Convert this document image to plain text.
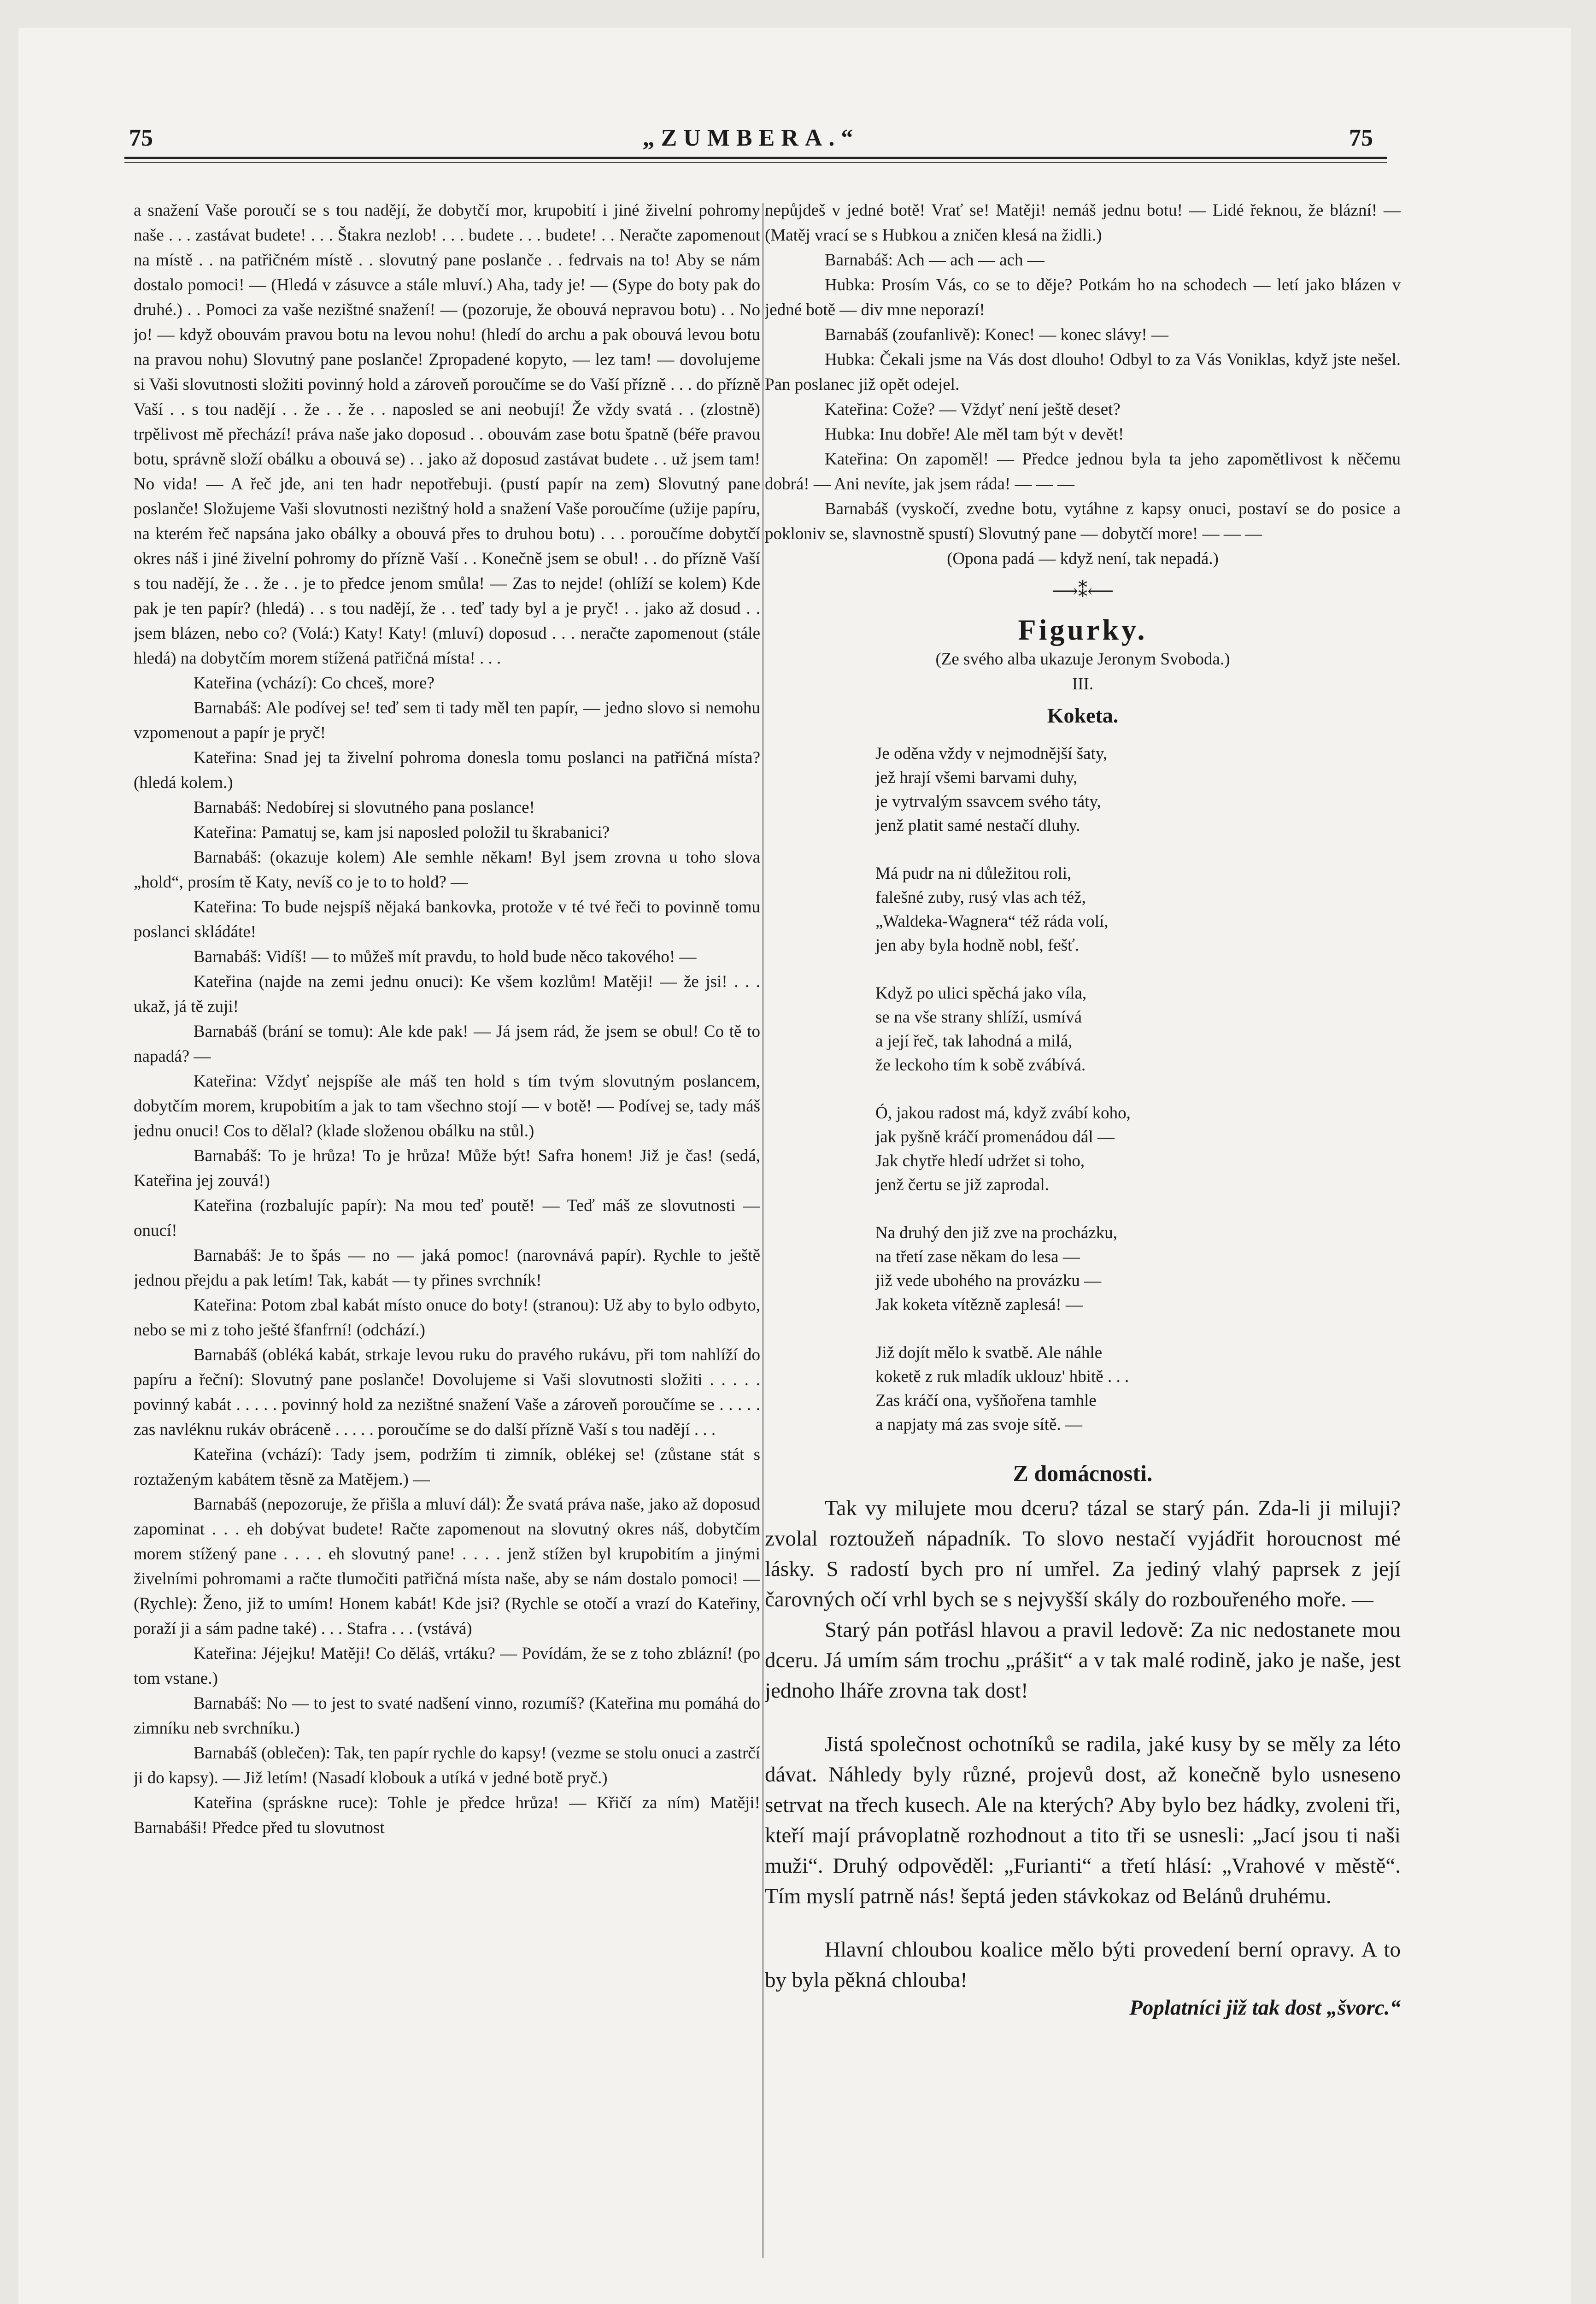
75	„ZUMBERA.“	75

a snažení Vaše poroučí se s tou nadějí, že dobytčí mor, krupobití i jiné živelní pohromy naše . . . zastávat budete! . . . Štakra nezlob! . . . budete . . . budete! . . Neračte zapomenout na místě . . na patřičném místě . . slovutný pane poslanče . . fedrvais na to! Aby se nám dostalo pomoci! — (Hledá v zásuvce a stále mluví.) Aha, tady je! — (Sype do boty pak do druhé.) . . Pomoci za vaše nezištné snažení! — (pozoruje, že obouvá nepravou botu) . . No jo! — když obouvám pravou botu na levou nohu! (hledí do archu a pak obouvá levou botu na pravou nohu) Slovutný pane poslanče! Zpropadené kopyto, — lez tam! — dovolujeme si Vaši slovutnosti složiti povinný hold a zároveň poroučíme se do Vaší přízně . . . do přízně Vaší . . s tou nadějí . . že . . že . . naposled se ani neobují! Že vždy svatá . . (zlostně) trpělivost mě přechází! práva naše jako doposud . . obouvám zase botu špatně (béře pravou botu, správně složí obálku a obouvá se) . . jako až doposud zastávat budete . . už jsem tam! No vida! — A řeč jde, ani ten hadr nepotřebuji. (pustí papír na zem) Slovutný pane poslanče! Složujeme Vaši slovutnosti nezištný hold a snažení Vaše poroučíme (užije papíru, na kterém řeč napsána jako obálky a obouvá přes to druhou botu) . . . poroučíme dobytčí okres náš i jiné živelní pohromy do přízně Vaší . . Konečně jsem se obul! . . do přízně Vaší s tou nadějí, že . . že . . je to předce jenom smůla! — Zas to nejde! (ohlíží se kolem) Kde pak je ten papír? (hledá) . . s tou nadějí, že . . teď tady byl a je pryč! . . jako až dosud . . jsem blázen, nebo co? (Volá:) Katy! Katy! (mluví) doposud . . . neračte zapomenout (stále hledá) na dobytčím morem stížená patřičná místa! . . .

Kateřina (vchází): Co chceš, more?

Barnabáš: Ale podívej se! teď sem ti tady měl ten papír, — jedno slovo si nemohu vzpomenout a papír je pryč!

Kateřina: Snad jej ta živelní pohroma donesla tomu poslanci na patřičná místa? (hledá kolem.)

Barnabáš: Nedobírej si slovutného pana poslance!

Kateřina: Pamatuj se, kam jsi naposled položil tu škrabanici?

Barnabáš: (okazuje kolem) Ale semhle někam! Byl jsem zrovna u toho slova „hold“, prosím tě Katy, nevíš co je to to hold? —

Kateřina: To bude nejspíš nějaká bankovka, protože v té tvé řeči to povinně tomu poslanci skládáte!

Barnabáš: Vidíš! — to můžeš mít pravdu, to hold bude něco takového! —

Kateřina (najde na zemi jednu onuci): Ke všem kozlům! Matěji! — že jsi! . . . ukaž, já tě zuji!

Barnabáš (brání se tomu): Ale kde pak! — Já jsem rád, že jsem se obul! Co tě to napadá? —

Kateřina: Vždyť nejspíše ale máš ten hold s tím tvým slovutným poslancem, dobytčím morem, krupobitím a jak to tam všechno stojí — v botě! — Podívej se, tady máš jednu onuci! Cos to dělal? (klade složenou obálku na stůl.)

Barnabáš: To je hrůza! To je hrůza! Může být! Safra honem! Již je čas! (sedá, Kateřina jej zouvá!)

Kateřina (rozbalujíc papír): Na mou teď poutě! — Teď máš ze slovutnosti — onucí!

Barnabáš: Je to špás — no — jaká pomoc! (narovnává papír). Rychle to ještě jednou přejdu a pak letím! Tak, kabát — ty přines svrchník!

Kateřina: Potom zbal kabát místo onuce do boty! (stranou): Už aby to bylo odbyto, nebo se mi z toho ješté šfanfrní! (odchází.)

Barnabáš (obléká kabát, strkaje levou ruku do pravého rukávu, při tom nahlíží do papíru a řeční): Slovutný pane poslanče! Dovolujeme si Vaši slovutnosti složiti . . . . . povinný kabát . . . . . povinný hold za nezištné snažení Vaše a zároveň poroučíme se . . . . . zas navléknu rukáv obráceně . . . . . poroučíme se do další přízně Vaší s tou nadějí . . .

Kateřina (vchází): Tady jsem, podržím ti zimník, oblékej se! (zůstane stát s roztaženým kabátem těsně za Matějem.) —

Barnabáš (nepozoruje, že přišla a mluví dál): Že svatá práva naše, jako až doposud zapominat . . . eh dobývat budete! Račte zapomenout na slovutný okres náš, dobytčím morem stížený pane . . . . eh slovutný pane! . . . . jenž stížen byl krupobitím a jinými živelními pohromami a račte tlumočiti patřičná místa naše, aby se nám dostalo pomoci! — (Rychle): Ženo, již to umím! Honem kabát! Kde jsi? (Rychle se otočí a vrazí do Kateřiny, poraží ji a sám padne také) . . . Stafra . . . (vstává)

Kateřina: Jéjejku! Matěji! Co děláš, vrtáku? — Povídám, že se z toho zblázní! (po tom vstane.)

Barnabáš: No — to jest to svaté nadšení vinno, rozumíš? (Kateřina mu pomáhá do zimníku neb svrchníku.)

Barnabáš (oblečen): Tak, ten papír rychle do kapsy! (vezme se stolu onuci a zastrčí ji do kapsy). — Již letím! (Nasadí klobouk a utíká v jedné botě pryč.)

Kateřina (spráskne ruce): Tohle je předce hrůza! — Křičí za ním) Matěji! Barnabáši! Předce před tu slovutnost

nepůjdeš v jedné botě! Vrať se! Matěji! nemáš jednu botu! — Lidé řeknou, že blázní! — (Matěj vrací se s Hubkou a zničen klesá na židli.)

Barnabáš: Ach — ach — ach —

Hubka: Prosím Vás, co se to děje? Potkám ho na schodech — letí jako blázen v jedné botě — div mne neporazí!

Barnabáš (zoufanlivě): Konec! — konec slávy! —

Hubka: Čekali jsme na Vás dost dlouho! Odbyl to za Vás Voniklas, když jste nešel. Pan poslanec již opět odejel.

Kateřina: Cože? — Vždyť není ještě deset?

Hubka: Inu dobře! Ale měl tam být v devět!

Kateřina: On zapoměl! — Předce jednou byla ta jeho zapomětlivost k něčemu dobrá! — Ani nevíte, jak jsem ráda! — — —

Barnabáš (vyskočí, zvedne botu, vytáhne z kapsy onuci, postaví se do posice a pokloniv se, slavnostně spustí) Slovutný pane — dobytčí more! — — —

(Opona padá — když není, tak nepadá.)

⟶⁑⟵
Figurky.

(Ze svého alba ukazuje Jeronym Svoboda.)

III.

Koketa.
Je oděna vždy v nejmodnější šaty,
jež hrají všemi barvami duhy,
je vytrvalým ssavcem svého táty,
jenž platit samé nestačí dluhy.
Má pudr na ni důležitou roli,
falešné zuby, rusý vlas ach též,
„Waldeka-Wagnera“ též ráda volí,
jen aby byla hodně nobl, fešť.
Když po ulici spěchá jako víla,
se na vše strany shlíží, usmívá
a její řeč, tak lahodná a milá,
že leckoho tím k sobě zvábívá.
Ó, jakou radost má, když zvábí koho,
jak pyšně kráčí promenádou dál —
Jak chytře hledí udržet si toho,
jenž čertu se již zaprodal.
Na druhý den již zve na procházku,
na třetí zase někam do lesa —
již vede ubohého na provázku —
Jak koketa vítězně zaplesá! —
Již dojít mělo k svatbě. Ale náhle
koketě z ruk mladík uklouz' hbitě . . .
Zas kráčí ona, vyšňořena tamhle
a napjaty má zas svoje sítě. —
Z domácnosti.

Tak vy milujete mou dceru? tázal se starý pán. Zda-li ji miluji? zvolal roztoužeň nápadník. To slovo nestačí vyjádřit horoucnost mé lásky. S radostí bych pro ní umřel. Za jediný vlahý paprsek z její čarovných očí vrhl bych se s nejvyšší skály do rozbouřeného moře. —

Starý pán potřásl hlavou a pravil ledově: Za nic nedostanete mou dceru. Já umím sám trochu „prášit“ a v tak malé rodině, jako je naše, jest jednoho lháře zrovna tak dost!

Jistá společnost ochotníků se radila, jaké kusy by se měly za léto dávat. Náhledy byly různé, projevů dost, až konečně bylo usneseno setrvat na třech kusech. Ale na kterých? Aby bylo bez hádky, zvoleni tři, kteří mají právoplatně rozhodnout a tito tři se usnesli: „Jací jsou ti naši muži“. Druhý odpověděl: „Furianti“ a třetí hlásí: „Vrahové v městě“. Tím myslí patrně nás! šeptá jeden stávkokaz od Belánů druhému.

Hlavní chloubou koalice mělo býti provedení berní opravy. A to by byla pěkná chlouba!

Poplatníci již tak dost „švorc.“
